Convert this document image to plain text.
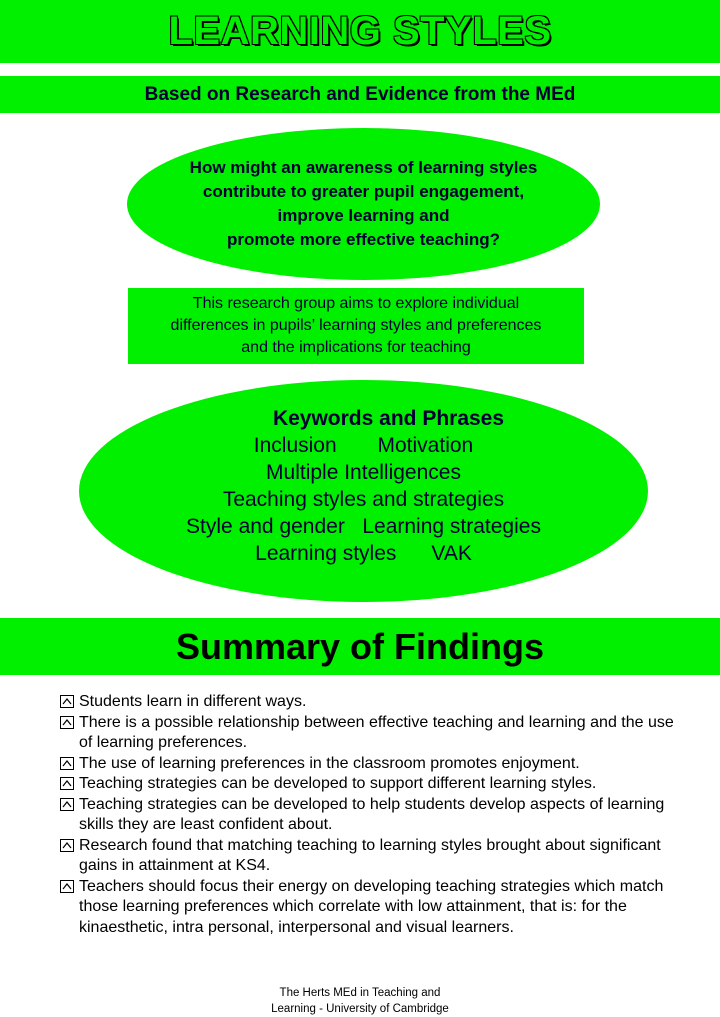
LEARNING STYLES
Based on Research and Evidence from the MEd
How might an awareness of learning styles
contribute to greater pupil engagement,
improve learning and
promote more effective teaching?
This research group aims to explore individual
differences in pupils’ learning styles and preferences
and the implications for teaching
Keywords and Phrases
Inclusion       Motivation
Multiple Intelligences
Teaching styles and strategies
Style and gender   Learning strategies
Learning styles      VAK
Summary of Findings
Students learn in different ways.
There is a possible relationship between effective teaching and learning and the use of learning preferences.
The use of learning preferences in the classroom promotes enjoyment.
Teaching strategies can be developed to support different learning styles.
Teaching strategies can be developed to help students develop aspects of learning skills they are least confident about.
Research found that matching teaching to learning styles brought about significant gains in attainment at KS4.
Teachers should focus their energy on developing teaching strategies which match those learning preferences which correlate with low attainment, that is: for the kinaesthetic, intra personal, interpersonal and visual learners.
The Herts MEd in Teaching and
Learning - University of Cambridge
